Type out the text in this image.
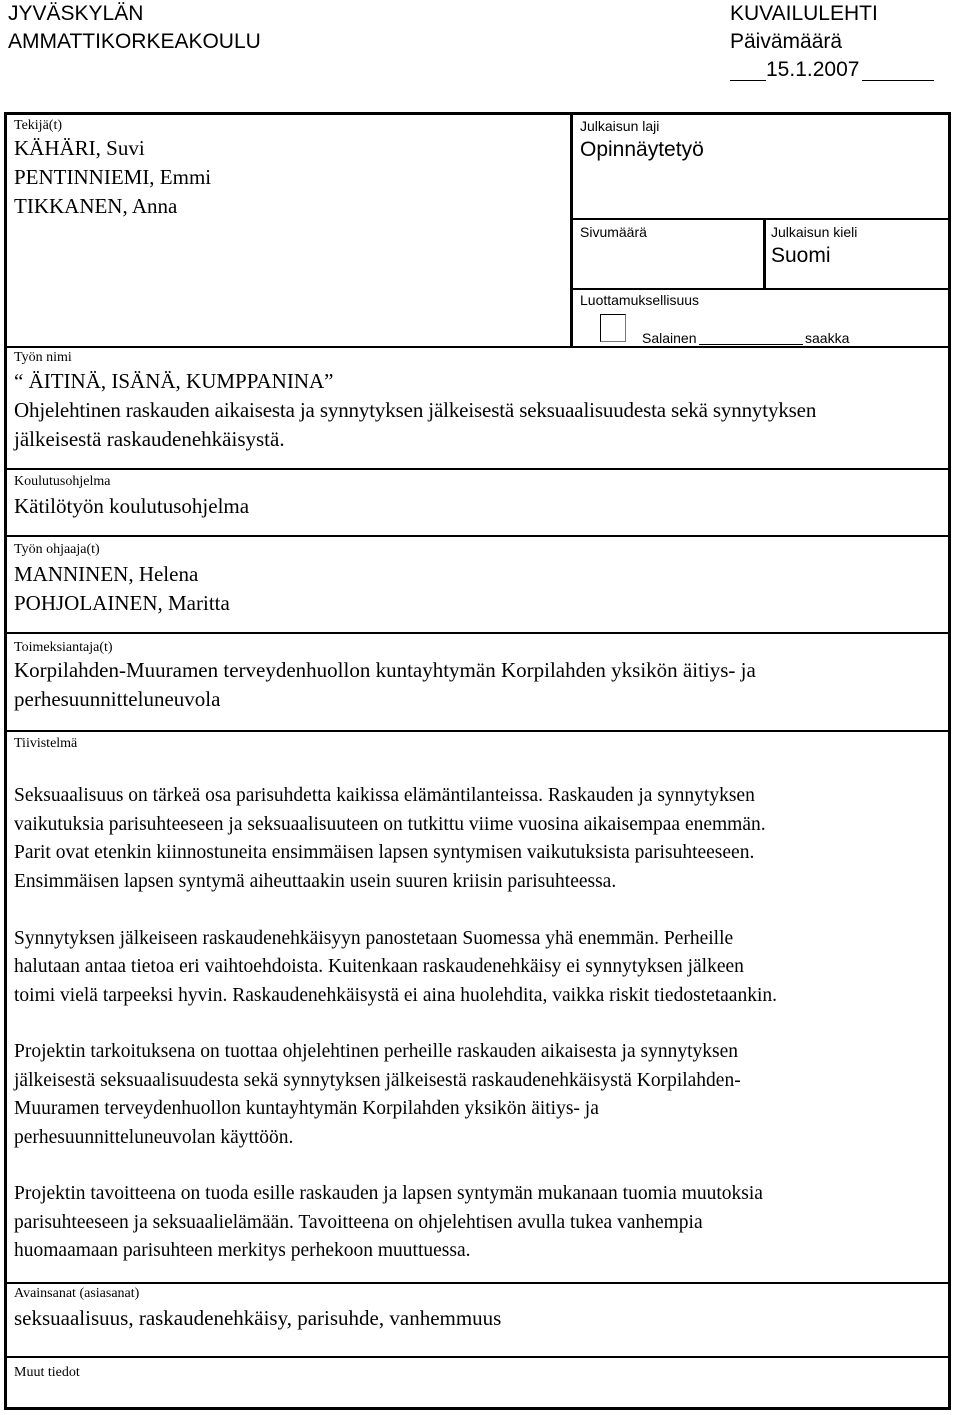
JYVÄSKYLÄN
AMMATTIKORKEAKOULU
KUVAILULEHTI
Päivämäärä
15.1.2007
Tekijä(t)
KÄHÄRI, Suvi
PENTINNIEMI, Emmi
TIKKANEN, Anna
Julkaisun laji
Opinnäytetyö
Sivumäärä	Julkaisun kieli
Suomi
Luottamuksellisuus
Salainen	saakka
Työn nimi
“ ÄITINÄ, ISÄNÄ, KUMPPANINA”
Ohjelehtinen raskauden aikaisesta ja synnytyksen jälkeisestä seksuaalisuudesta sekä synnytyksen
jälkeisestä raskaudenehkäisystä.
Koulutusohjelma
Kätilötyön koulutusohjelma
Työn ohjaaja(t)
MANNINEN, Helena
POHJOLAINEN, Maritta
Toimeksiantaja(t)
Korpilahden-Muuramen terveydenhuollon kuntayhtymän Korpilahden yksikön äitiys- ja
perhesuunnitteluneuvola
Tiivistelmä
Seksuaalisuus on tärkeä osa parisuhdetta kaikissa elämäntilanteissa. Raskauden ja synnytyksen
vaikutuksia parisuhteeseen ja seksuaalisuuteen on tutkittu viime vuosina aikaisempaa enemmän.
Parit ovat etenkin kiinnostuneita ensimmäisen lapsen syntymisen vaikutuksista parisuhteeseen.
Ensimmäisen lapsen syntymä aiheuttaakin usein suuren kriisin parisuhteessa.
Synnytyksen jälkeiseen raskaudenehkäisyyn panostetaan Suomessa yhä enemmän. Perheille
halutaan antaa tietoa eri vaihtoehdoista. Kuitenkaan raskaudenehkäisy ei synnytyksen jälkeen
toimi vielä tarpeeksi hyvin. Raskaudenehkäisystä ei aina huolehdita, vaikka riskit tiedostetaankin.
Projektin tarkoituksena on tuottaa ohjelehtinen perheille raskauden aikaisesta ja synnytyksen
jälkeisestä seksuaalisuudesta sekä synnytyksen jälkeisestä raskaudenehkäisystä Korpilahden-
Muuramen terveydenhuollon kuntayhtymän Korpilahden yksikön äitiys- ja
perhesuunnitteluneuvolan käyttöön.
Projektin tavoitteena on tuoda esille raskauden ja lapsen syntymän mukanaan tuomia muutoksia
parisuhteeseen ja seksuaalielämään. Tavoitteena on ohjelehtisen avulla tukea vanhempia
huomaamaan parisuhteen merkitys perhekoon muuttuessa.
Avainsanat (asiasanat)
seksuaalisuus, raskaudenehkäisy, parisuhde, vanhemmuus
Muut tiedot
